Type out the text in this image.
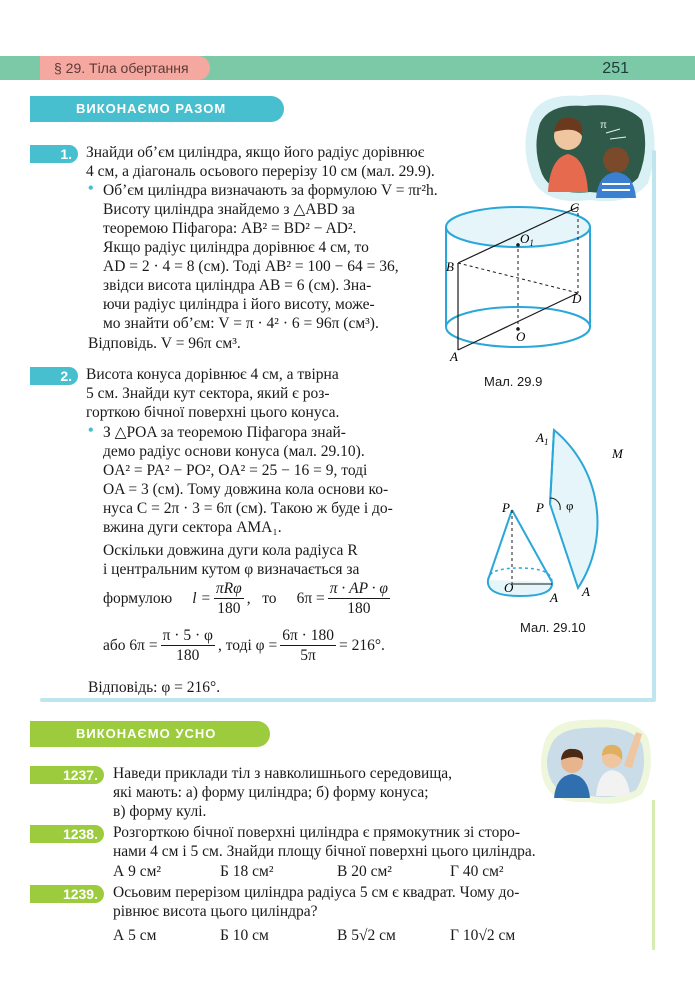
§ 29. Тіла обертання	251
ВИКОНАЄМО РАЗОМ
π
1. Знайди об’єм циліндра, якщо його радіус дорівнює
4 см, а діагональ осьового перерізу 10 см (мал. 29.9).
• Об’єм циліндра визначають за формулою V = πr²h.
Висоту циліндра знайдемо з △ABD за
теоремою Піфагора: AB² = BD² − AD².
Якщо радіус циліндра дорівнює 4 см, то
AD = 2 · 4 = 8 (см). Тоді AB² = 100 − 64 = 36,
звідси висота циліндра AB = 6 (см). Зна-
ючи радіус циліндра і його висоту, може-
мо знайти об’єм: V = π · 4² · 6 = 96π (см³).
Відповідь. V = 96π см³.
C
$O_1$
B
D
O
A
Мал. 29.9
2. Висота конуса дорівнює 4 см, а твірна
5 см. Знайди кут сектора, який є роз-
горткою бічної поверхні цього конуса.
• З △POA за теоремою Піфагора знай-
демо радіус основи конуса (мал. 29.10).
OA² = PA² − PO², OA² = 25 − 16 = 9, тоді
OA = 3 (см). Тому довжина кола основи ко-
нуса C = 2π · 3 = 6π (см). Такою ж буде і до-
вжина дуги сектора AMA₁.
Оскільки довжина дуги кола радіуса R
і центральним кутом φ визначається за
формулою $l = \frac{\text{πRφ}}{180}$ ,   то $6\pi = \frac{\pi \cdot AP \cdot \varphi}{180}$
або $6\pi = \frac{\pi \cdot 5 \cdot \varphi}{180}$ , тоді $\varphi = \frac{6\pi \cdot 180}{5\pi} = 216^\circ$.
Відповідь: φ = 216°.
$A_1$
M
P P φ
O
A A
Мал. 29.10
ВИКОНАЄМО УСНО
1237. Наведи приклади тіл з навколишнього середовища,
які мають: а) форму циліндра; б) форму конуса;
в) форму кулі.
1238. Розгорткою бічної поверхні циліндра є прямокутник зі сторо-
нами 4 см і 5 см. Знайди площу бічної поверхні цього циліндра.
А 9 см²	Б 18 см²	В 20 см²	Г 40 см²
1239. Осьовим перерізом циліндра радіуса 5 см є квадрат. Чому до-
рівнює висота цього циліндра?
А 5 см	Б 10 см	В 5√2 см	Г 10√2 см
